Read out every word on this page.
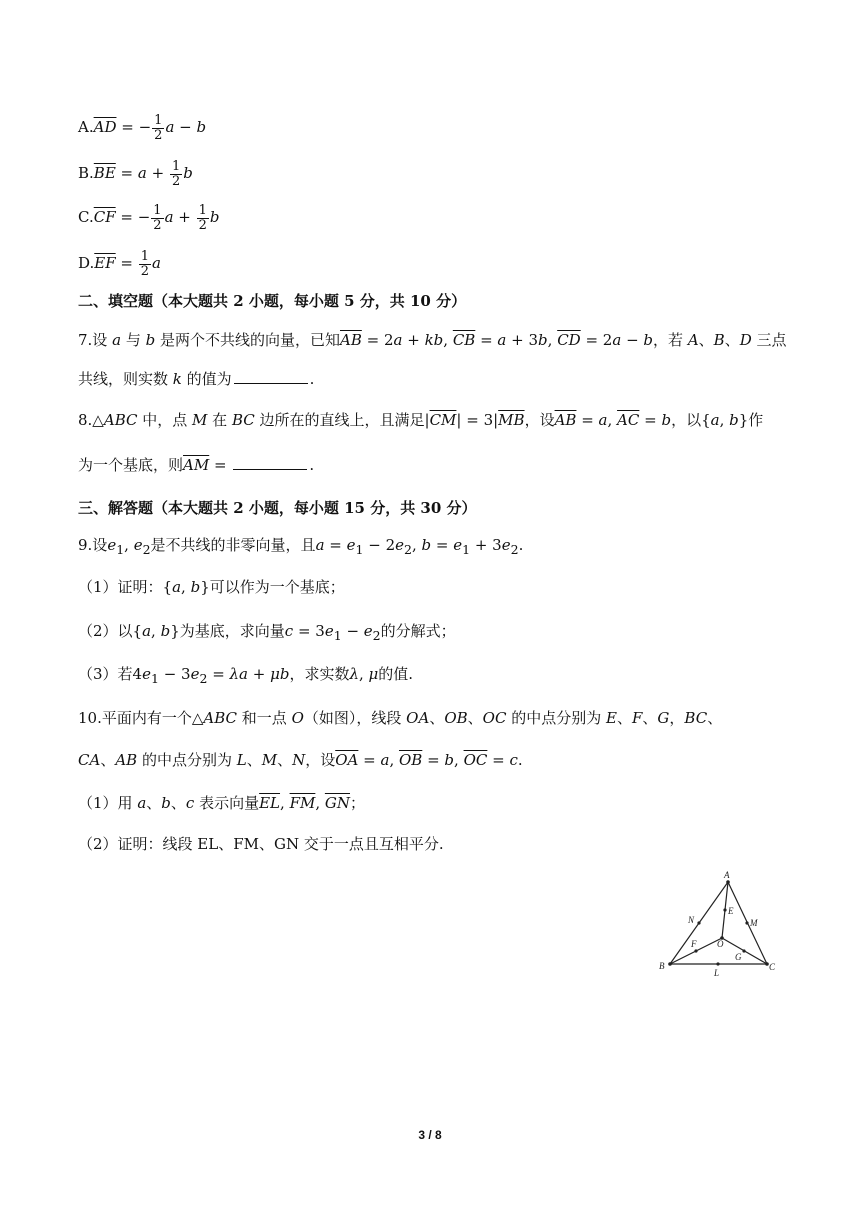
$A.\overline{AD}$ = − $\frac{1}{2}$ a − b
$B.\overline{BE} = a + \frac{1}{2}$ b
$C.\overline{CF}$ = − $\frac{1}{2}$ $a + \frac{1}{2}$ b
$D.\overline{EF} = \frac{1}{2}$ a
二、填空题（本大题共 2 小题，每小题 5 分，共 10 分）
7.设 a 与 b 是两个不共线的向量，已知$\overline{AB} = 2a$ + kb, $\overline{CB} = a + 3b$, $\overline{CD} = 2a - b$，若 A、B、D 三点
共线，则实数 k 的值为	.
8.△ABC 中，点 M 在 BC 边所在的直线上，且满足$|\overline{CM}| = 3|\overline{MB}$，设$\overline{AB} = a$, $\overline{AC} = b$，以{a, b}作
为一个基底，则$\overline{AM}$ =	.
三、解答题（本大题共 2 小题，每小题 15 分，共 30 分）
9.设$e_1$, $e_2$是不共线的非零向量，且$a = e_1 - 2e_2$, $b = e_1 + 3e_2$.
（1）证明：{a, b}可以作为一个基底；
（2）以{a, b}为基底，求向量$c = 3e_1 - e_2$的分解式；
（3）若$4e_1 - 3e_2 = \lambda a + \mu b$，求实数λ, μ的值.
10.平面内有一个△ABC 和一点 O（如图），线段 OA、OB、OC 的中点分别为 E、F、G，BC、
CA、AB 的中点分别为 L、M、N，设$\overline{OA} = a$, $\overline{OB} = b$, $\overline{OC} = c$.
（1）用 a、b、c 表示向量$\overline{EL}$, $\overline{FM}$, $\overline{GN}$；
（2）证明：线段 EL、FM、GN 交于一点且互相平分.
A
B	C
E
F
G
L
M
N
O
3 / 8
